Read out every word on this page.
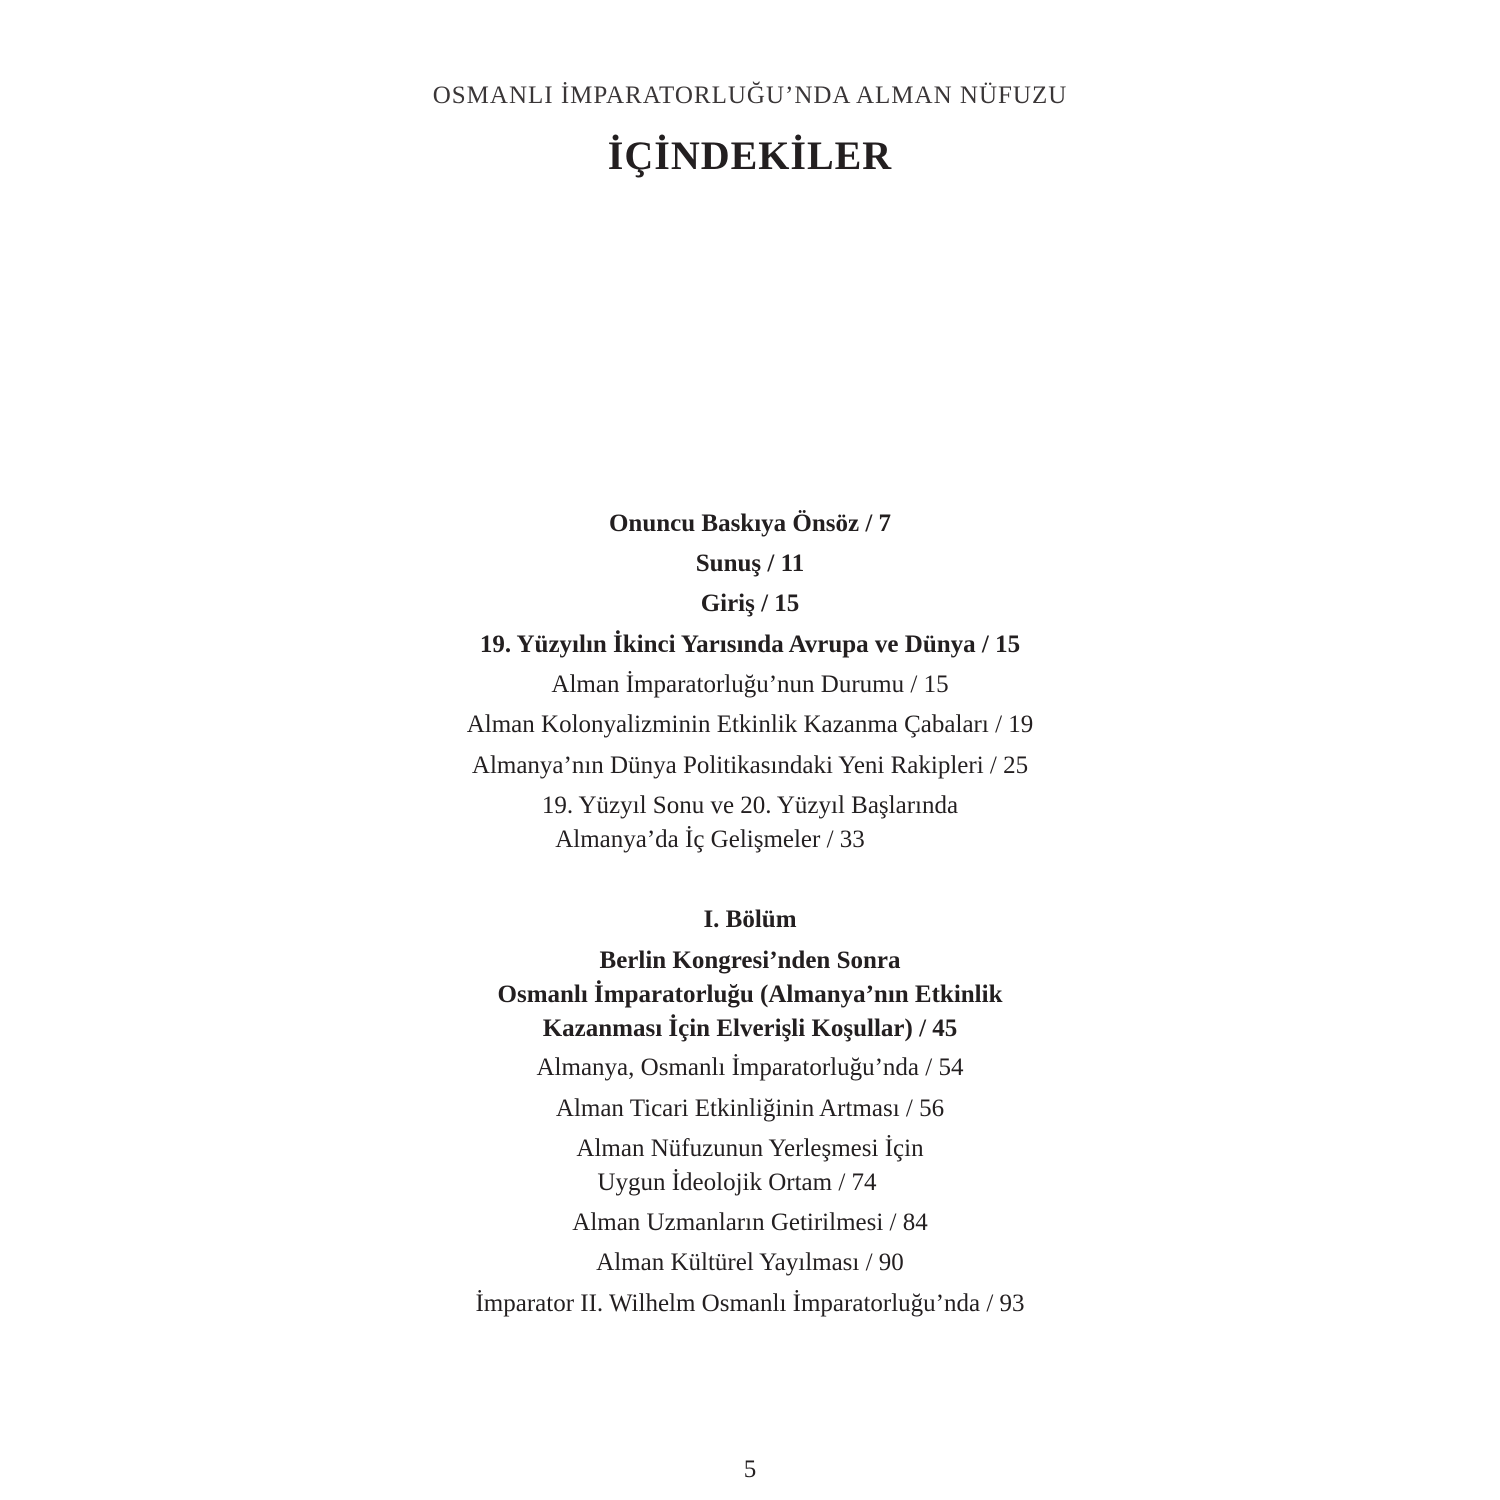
OSMANLI İMPARATORLUĞU’NDA ALMAN NÜFUZU
İÇİNDEKİLER
Onuncu Baskıya Önsöz / 7
Sunuş / 11
Giriş / 15
19. Yüzyılın İkinci Yarısında Avrupa ve Dünya / 15
Alman İmparatorluğu’nun Durumu / 15
Alman Kolonyalizminin Etkinlik Kazanma Çabaları / 19
Almanya’nın Dünya Politikasındaki Yeni Rakipleri / 25
19. Yüzyıl Sonu ve 20. Yüzyıl Başlarında
Almanya’da İç Gelişmeler / 33
I. Bölüm
Berlin Kongresi’nden Sonra
Osmanlı İmparatorluğu (Almanya’nın Etkinlik
Kazanması İçin Elverişli Koşullar) / 45
Almanya, Osmanlı İmparatorluğu’nda / 54
Alman Ticari Etkinliğinin Artması / 56
Alman Nüfuzunun Yerleşmesi İçin
Uygun İdeolojik Ortam / 74
Alman Uzmanların Getirilmesi / 84
Alman Kültürel Yayılması / 90
İmparator II. Wilhelm Osmanlı İmparatorluğu’nda / 93
5
